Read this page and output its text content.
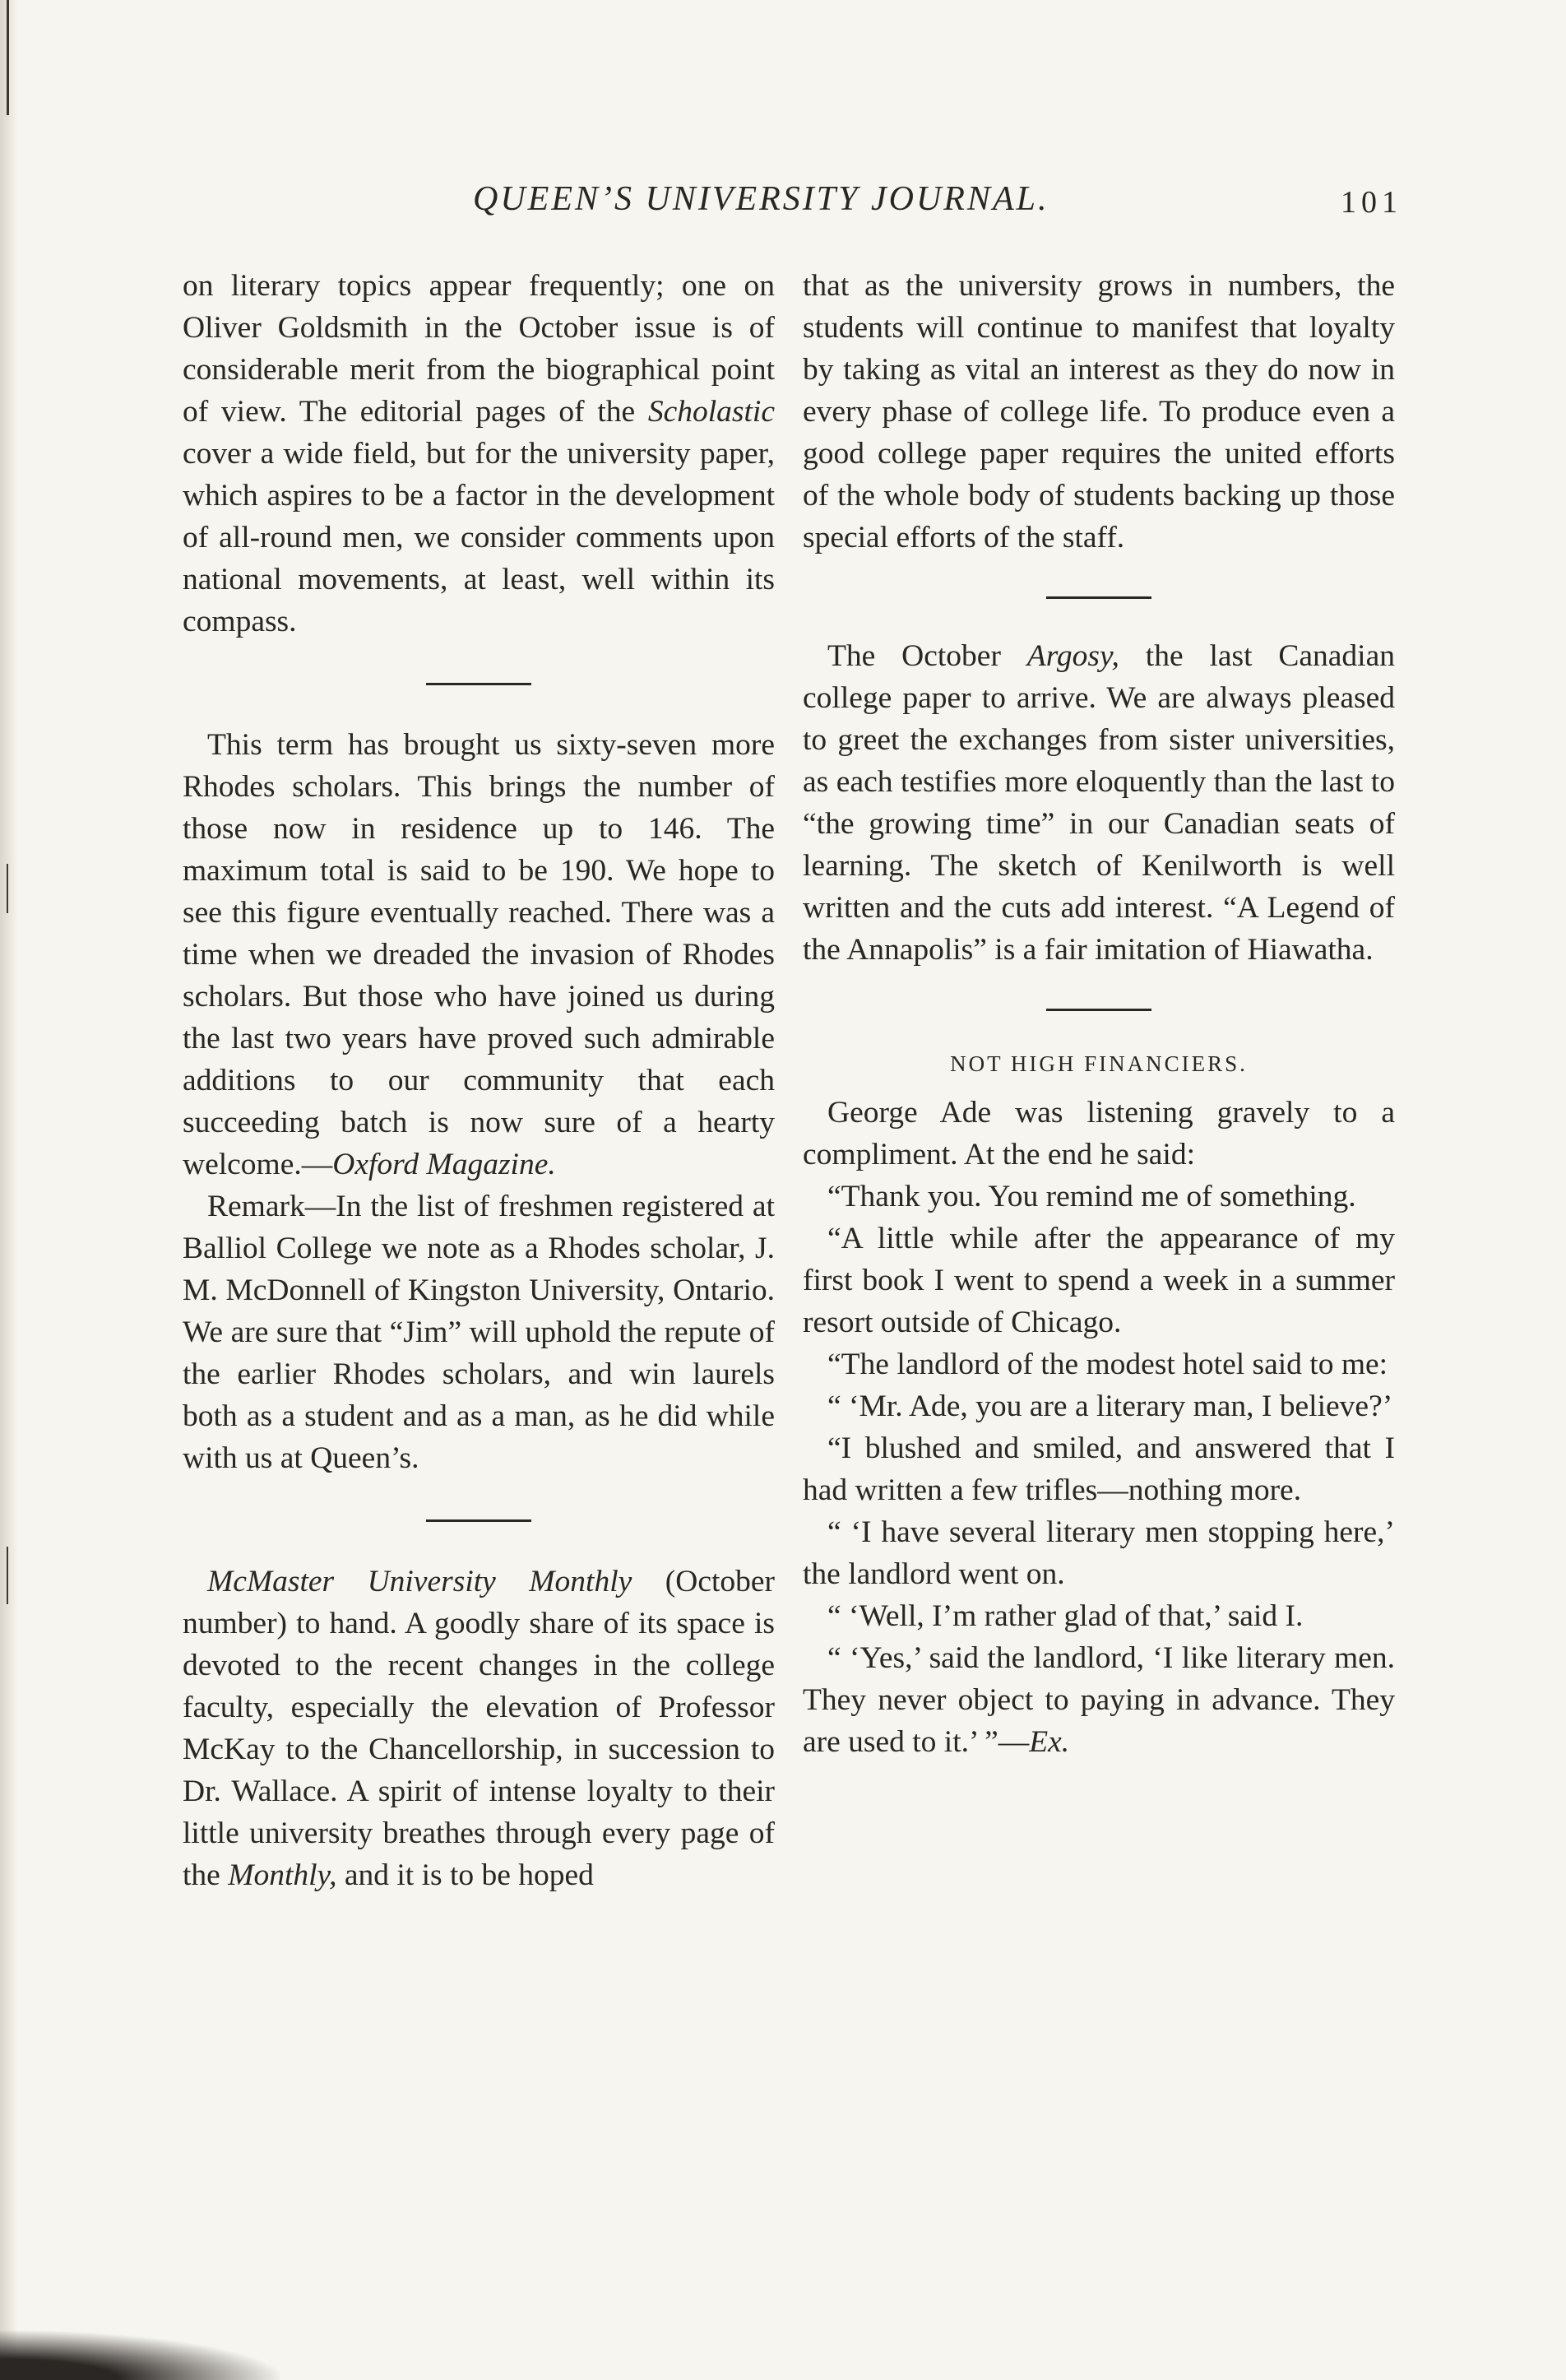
QUEEN’S UNIVERSITY JOURNAL.	101

on literary topics appear frequently; one on Oliver Goldsmith in the October issue is of considerable merit from the biographical point of view. The editorial pages of the Scholastic cover a wide field, but for the university paper, which aspires to be a factor in the development of all-round men, we consider comments upon national movements, at least, well within its compass.

This term has brought us sixty-seven more Rhodes scholars. This brings the number of those now in residence up to 146. The maximum total is said to be 190. We hope to see this figure eventually reached. There was a time when we dreaded the invasion of Rhodes scholars. But those who have joined us during the last two years have proved such admirable additions to our community that each succeeding batch is now sure of a hearty welcome.—Oxford Magazine.

Remark—In the list of freshmen registered at Balliol College we note as a Rhodes scholar, J. M. McDonnell of Kingston University, Ontario. We are sure that “Jim” will uphold the repute of the earlier Rhodes scholars, and win laurels both as a student and as a man, as he did while with us at Queen’s.

McMaster University Monthly (October number) to hand. A goodly share of its space is devoted to the recent changes in the college faculty, especially the elevation of Professor McKay to the Chancellorship, in succession to Dr. Wallace. A spirit of intense loyalty to their little university breathes through every page of the Monthly, and it is to be hoped

that as the university grows in numbers, the students will continue to manifest that loyalty by taking as vital an interest as they do now in every phase of college life. To produce even a good college paper requires the united efforts of the whole body of students backing up those special efforts of the staff.

The October Argosy, the last Canadian college paper to arrive. We are always pleased to greet the exchanges from sister universities, as each testifies more eloquently than the last to “the growing time” in our Canadian seats of learning. The sketch of Kenilworth is well written and the cuts add interest. “A Legend of the Annapolis” is a fair imitation of Hiawatha.

NOT HIGH FINANCIERS.

George Ade was listening gravely to a compliment. At the end he said:

“Thank you. You remind me of something.

“A little while after the appearance of my first book I went to spend a week in a summer resort outside of Chicago.

“The landlord of the modest hotel said to me:

“ ‘Mr. Ade, you are a literary man, I believe?’

“I blushed and smiled, and answered that I had written a few trifles—nothing more.

“ ‘I have several literary men stopping here,’ the landlord went on.

“ ‘Well, I’m rather glad of that,’ said I.

“ ‘Yes,’ said the landlord, ‘I like literary men. They never object to paying in advance. They are used to it.’ ”—Ex.
